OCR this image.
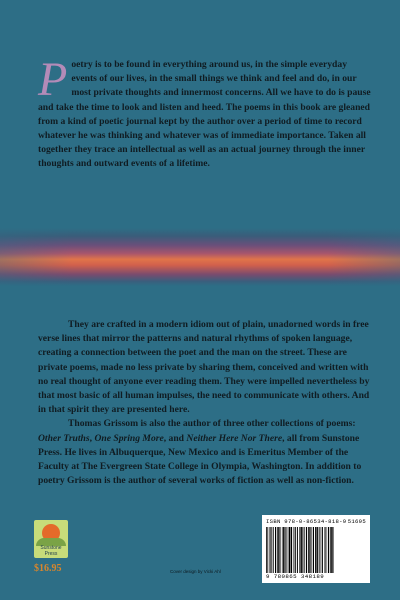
Poetry is to be found in everything around us, in the simple everyday events of our lives, in the small things we think and feel and do, in our most private thoughts and innermost concerns. All we have to do is pause and take the time to look and listen and heed. The poems in this book are gleaned from a kind of poetic journal kept by the author over a period of time to record whatever he was thinking and whatever was of immediate importance. Taken all together they trace an intellectual as well as an actual journey through the inner thoughts and outward events of a lifetime.

They are crafted in a modern idiom out of plain, unadorned words in free verse lines that mirror the patterns and natural rhythms of spoken language, creating a connection between the poet and the man on the street. These are private poems, made no less private by sharing them, conceived and written with no real thought of anyone ever reading them. They were impelled nevertheless by that most basic of all human impulses, the need to communicate with others. And in that spirit they are presented here.

Thomas Grissom is also the author of three other collections of poems: Other Truths, One Spring More, and Neither Here Nor There, all from Sunstone Press. He lives in Albuquerque, New Mexico and is Emeritus Member of the Faculty at The Evergreen State College in Olympia, Washington. In addition to poetry Grissom is the author of several works of fiction as well as non-fiction.

Sunstone
Press
$16.95	Cover design by Vicki Ahl
ISBN 978-0-86534-818-9 51695
9 780865 348189
